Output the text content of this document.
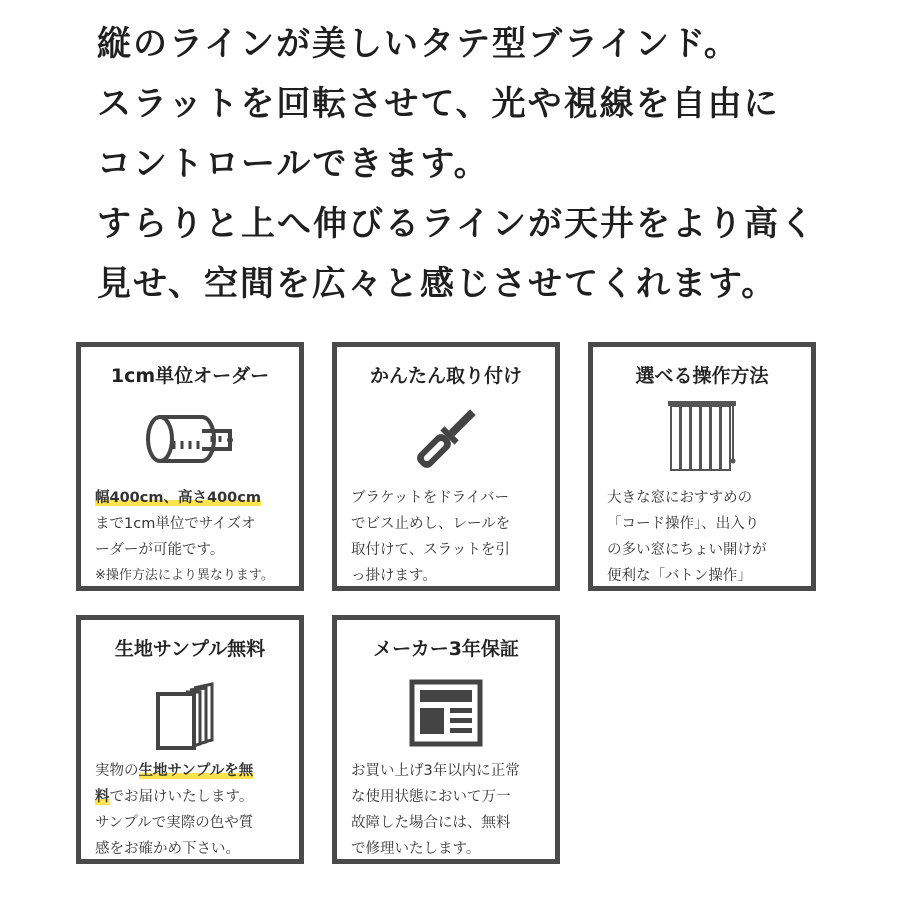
縦のラインが美しいタテ型ブラインド。
スラットを回転させて、光や視線を自由に
コントロールできます。
すらりと上へ伸びるラインが天井をより高く
見せ、空間を広々と感じさせてくれます。
1cm単位オーダー
幅400cm、高さ400cm
まで1cm単位でサイズオ
ーダーが可能です。
※操作方法により異なります。
かんたん取り付け
ブラケットをドライバー
でビス止めし、レールを
取付けて、スラットを引
っ掛けます。
選べる操作方法
大きな窓におすすめの
「コード操作」、出入り
の多い窓にちょい開けが
便利な「バトン操作」
生地サンプル無料
実物の生地サンプルを無
料でお届けいたします。
サンプルで実際の色や質
感をお確かめ下さい。
メーカー3年保証
お買い上げ3年以内に正常
な使用状態において万一
故障した場合には、無料
で修理いたします。
